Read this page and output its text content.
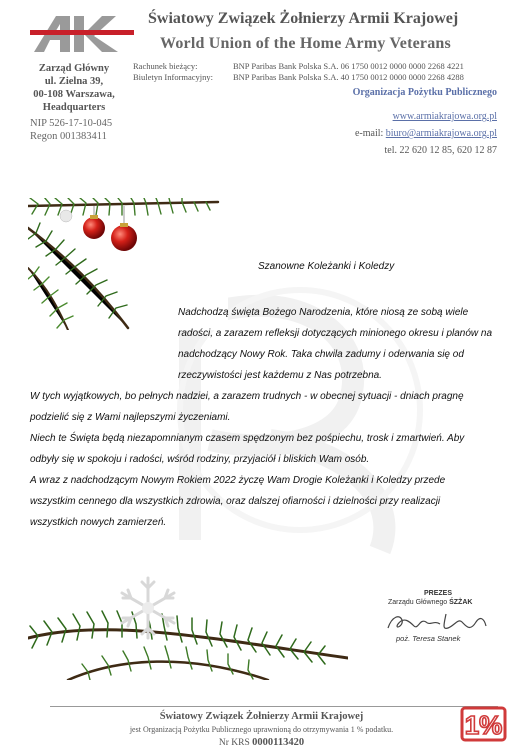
Światowy Związek Żołnierzy Armii Krajowej
World Union of the Home Army Veterans
Zarząd Główny
ul. Zielna 39,
00-108 Warszawa,
Headquarters
NIP 526-17-10-045
Regon 001383411
Rachunek bieżący:	BNP Paribas Bank Polska S.A. 06 1750 0012 0000 0000 2268 4221
Biuletyn Informacyjny: BNP Paribas Bank Polska S.A. 40 1750 0012 0000 0000 2268 4288
Organizacja Pożytku Publicznego
www.armiakrajowa.org.pl
e-mail: biuro@armiakrajowa.org.pl
tel. 22 620 12 85, 620 12 87
Szanowne Koleżanki i Koledzy
Nadchodzą święta Bożego Narodzenia, które niosą ze sobą wiele
radości, a zarazem refleksji dotyczących minionego okresu i planów na
nadchodzący Nowy Rok. Taka chwila zadumy i oderwania się od
rzeczywistości jest każdemu z Nas potrzebna.
W tych wyjątkowych, bo pełnych nadziei, a zarazem trudnych - w obecnej sytuacji - dniach pragnę
podzielić się z Wami najlepszymi życzeniami.
Niech te Święta będą niezapomnianym czasem spędzonym bez pośpiechu, trosk i zmartwień. Aby
odbyły się w spokoju i radości, wśród rodziny, przyjaciół i bliskich Wam osób.
A wraz z nadchodzącym Nowym Rokiem 2022 życzę Wam Drogie Koleżanki i Koledzy przede
wszystkim cennego dla wszystkich zdrowia, oraz dalszej ofiarności i dzielności przy realizacji
wszystkich nowych zamierzeń.
PREZES
Zarządu Głównego ŚZŻAK
poż. Teresa Stanek
Światowy Związek Żołnierzy Armii Krajowej
jest Organizacją Pożytku Publicznego uprawnioną do otrzymywania 1 % podatku.
Nr KRS 0000113420
1%
